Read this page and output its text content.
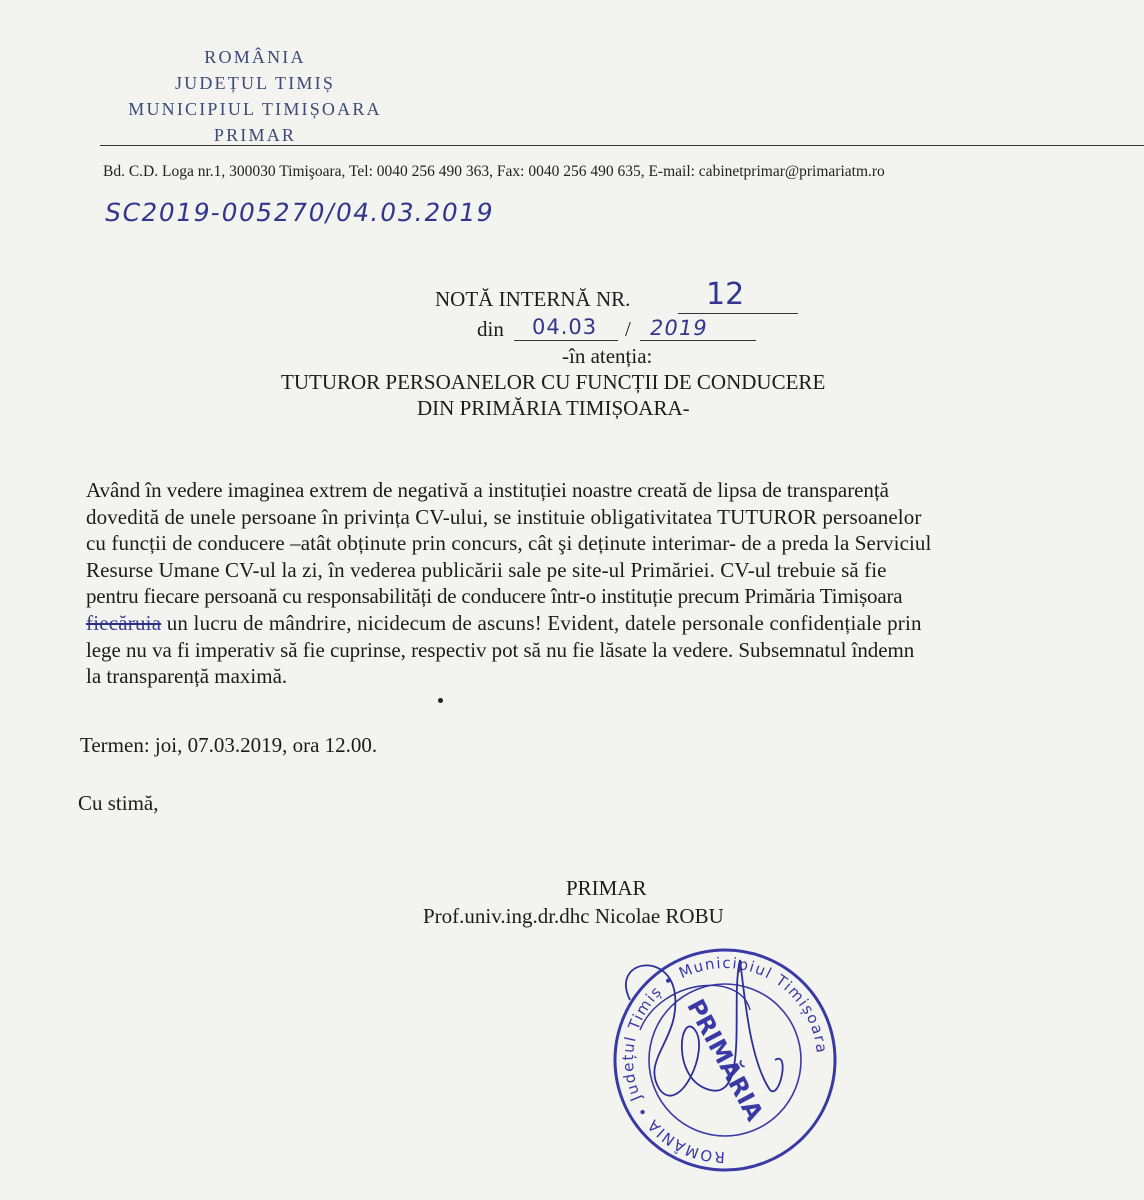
ROMÂNIA
JUDEȚUL TIMIȘ
MUNICIPIUL TIMIȘOARA
PRIMAR
Bd. C.D. Loga nr.1, 300030 Timişoara, Tel: 0040 256 490 363, Fax: 0040 256 490 635, E-mail: cabinetprimar@primariatm.ro
SC2019-005270/04.03.2019
NOTĂ INTERNĂ NR.	12
din 04.03 / 2019
-în atenția:
TUTUROR PERSOANELOR CU FUNCȚII DE CONDUCERE
DIN PRIMĂRIA TIMIȘOARA-
Având în vedere imaginea extrem de negativă a instituției noastre creată de lipsa de transparență
dovedită de unele persoane în privința CV-ului, se instituie obligativitatea TUTUROR persoanelor
cu funcții de conducere –atât obținute prin concurs, cât şi deținute interimar- de a preda la Serviciul
Resurse Umane CV-ul la zi, în vederea publicării sale pe site-ul Primăriei. CV-ul trebuie să fie
pentru fiecare persoană cu responsabilități de conducere într-o instituție precum Primăria Timișoara
fiecăruia un lucru de mândrire, nicidecum de ascuns! Evident, datele personale confidențiale prin
lege nu va fi imperativ să fie cuprinse, respectiv pot să nu fie lăsate la vedere. Subsemnatul îndemn
la transparență maximă.
Termen: joi, 07.03.2019, ora 12.00.
Cu stimă,
PRIMAR
Prof.univ.ing.dr.dhc Nicolae ROBU
ROMÂNIA • Județul Timiș • Municipiul Timișoara
PRIMĂRIA
